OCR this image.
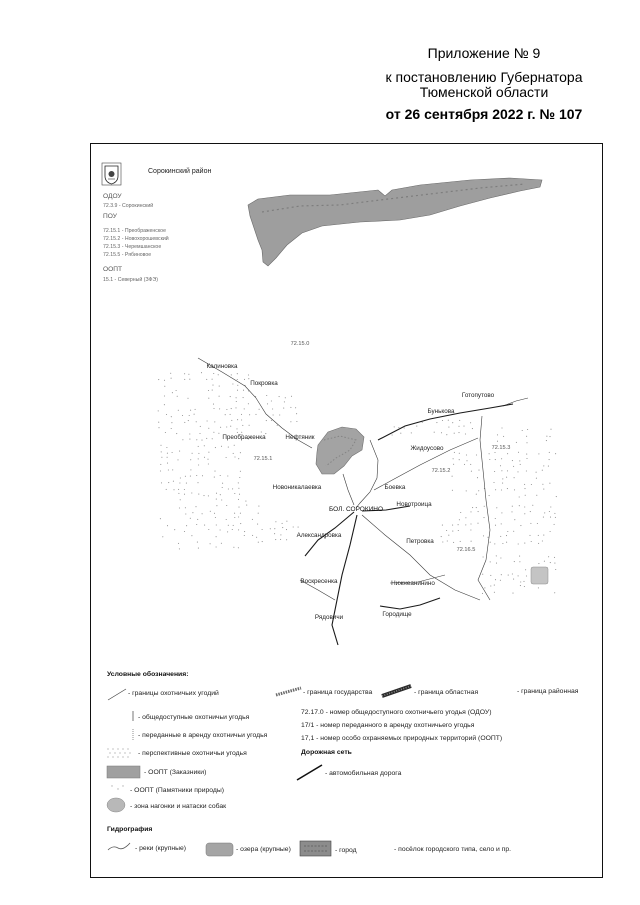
Приложение № 9
к постановлению Губернатора
Тюменской области
от 26 сентября 2022 г. № 107
Сорокинский район
ОДОУ
72.3.9 - Сорокинский
ПОУ
72.15.1 - Преображенское
72.15.2 - Новохорошевский
72.15.3 - Черемшанское
72.15.5 - Рябиновое
ООПТ
15.1 - Северный (ЗФЭ)
72.15.0
72.15.1
72.15.3
72.15.2
72.16.5
Калиновка
Покровка
Готопутово
Бунькова
Преображенка	Нефтяник
Жидоусово
Новоникалаевка	Боевка
Новотроица
Александровка
Петровка
Воскресенка	Нижнеанинино
Городище
Рядовичи
БОЛ. СОРОКИНО
Условные обозначения:
- границы охотничьих угодий	- граница государства	- граница областная	- граница районная
- общедоступные охотничьи угодья
- переданные в аренду охотничьи угодья
- перспективные охотничьи угодья
- ООПТ (Заказники)
- ООПТ (Памятники природы)
- зона нагонки и натаски собак
72.17.0 - номер общедоступного охотничьего угодья (ОДОУ)
17/1 - номер переданного в аренду охотничьего угодья
17,1 - номер особо охраняемых природных территорий (ООПТ)
Дорожная сеть
- автомобильная дорога
Гидрография
- реки (крупные)	- озера (крупные)	- город	- посёлок городского типа, село и пр.
